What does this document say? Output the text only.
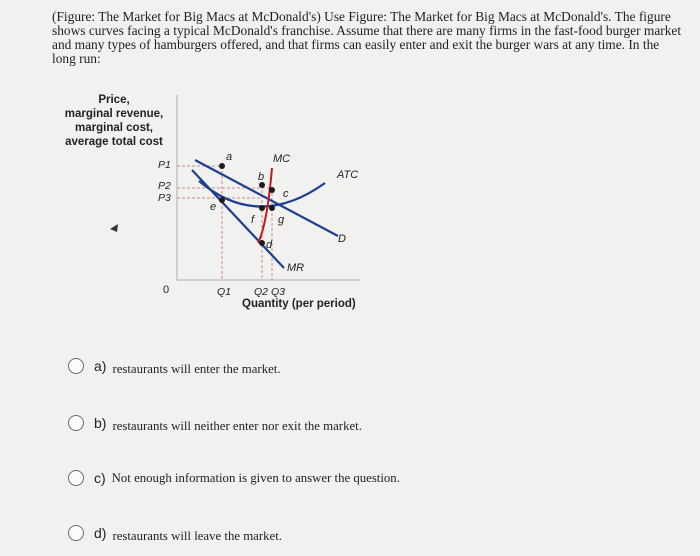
(Figure: The Market for Big Macs at McDonald's) Use Figure: The Market for Big Macs at McDonald's. The figure shows curves facing a typical McDonald's franchise. Assume that there are many firms in the fast-food burger market and many types of hamburgers offered, and that firms can easily enter and exit the burger wars at any time. In the long run:
Price,
marginal revenue,
marginal cost,
average total cost
a
b
c
d
e
f g
MC
ATC
D
MR
P1
P2
P3
0	Q1 Q2 Q3
Quantity (per period)
a) restaurants will enter the market.
b) restaurants will neither enter nor exit the market.
c) Not enough information is given to answer the question.
d) restaurants will leave the market.
